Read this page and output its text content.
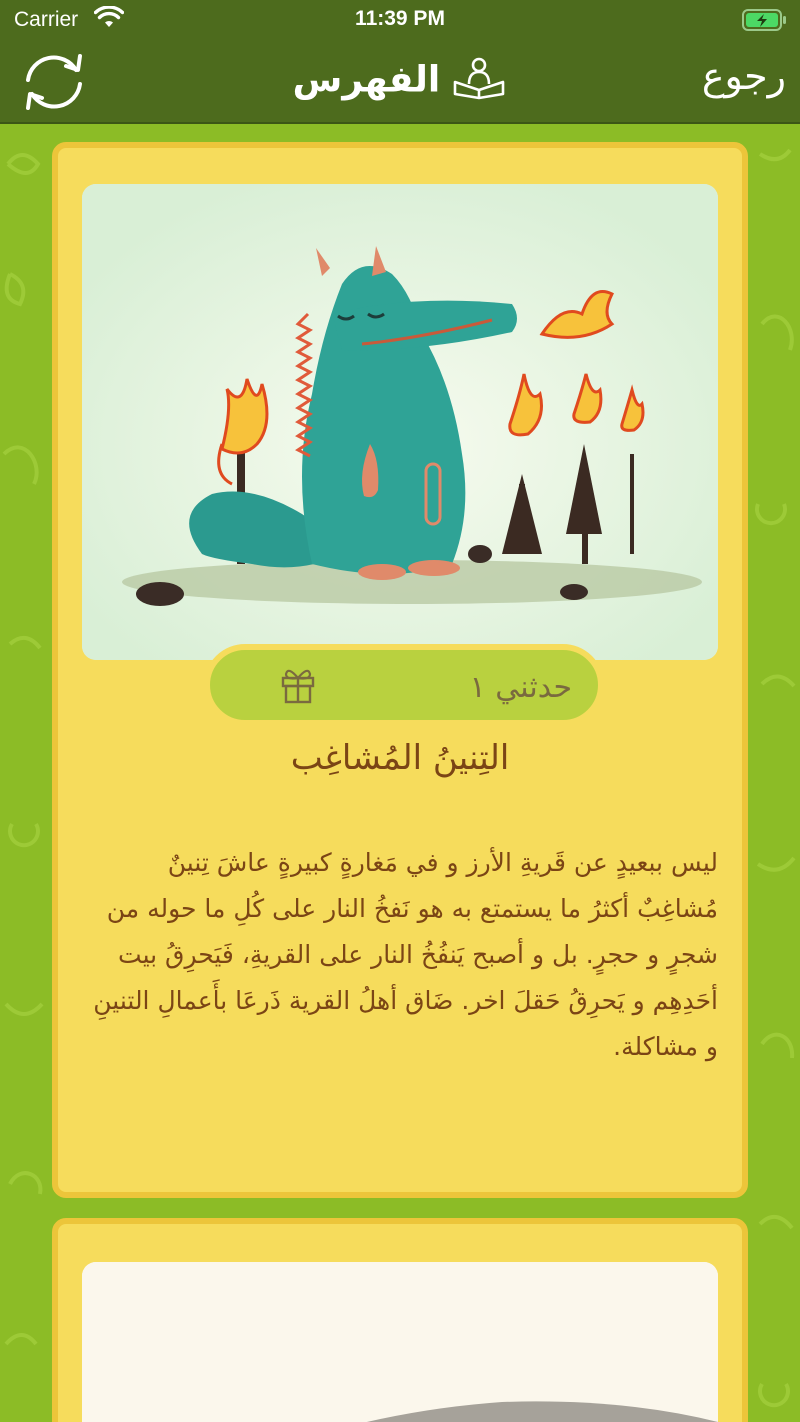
Carrier	11:39 PM
الفهرس	رجوع
حدثني ١
التِنينُ المُشاغِب
ليس ببعيدٍ عن قَريةِ الأرز و في مَغارةٍ كبيرةٍ عاشَ تِنينٌ مُشاغِبٌ أكثرُ ما يستمتع به هو نَفخُ النار على كُلِ ما حوله من شجرٍ و حجرٍ. بل و أصبح يَنفُخُ النار على القريةِ، فَيَحرِقُ بيت أحَدِهِم و يَحرِقُ حَقلَ اخر. ضَاق أهلُ القرية ذَرعَا بأَعمالِ التنينِ و مشاكلة.
